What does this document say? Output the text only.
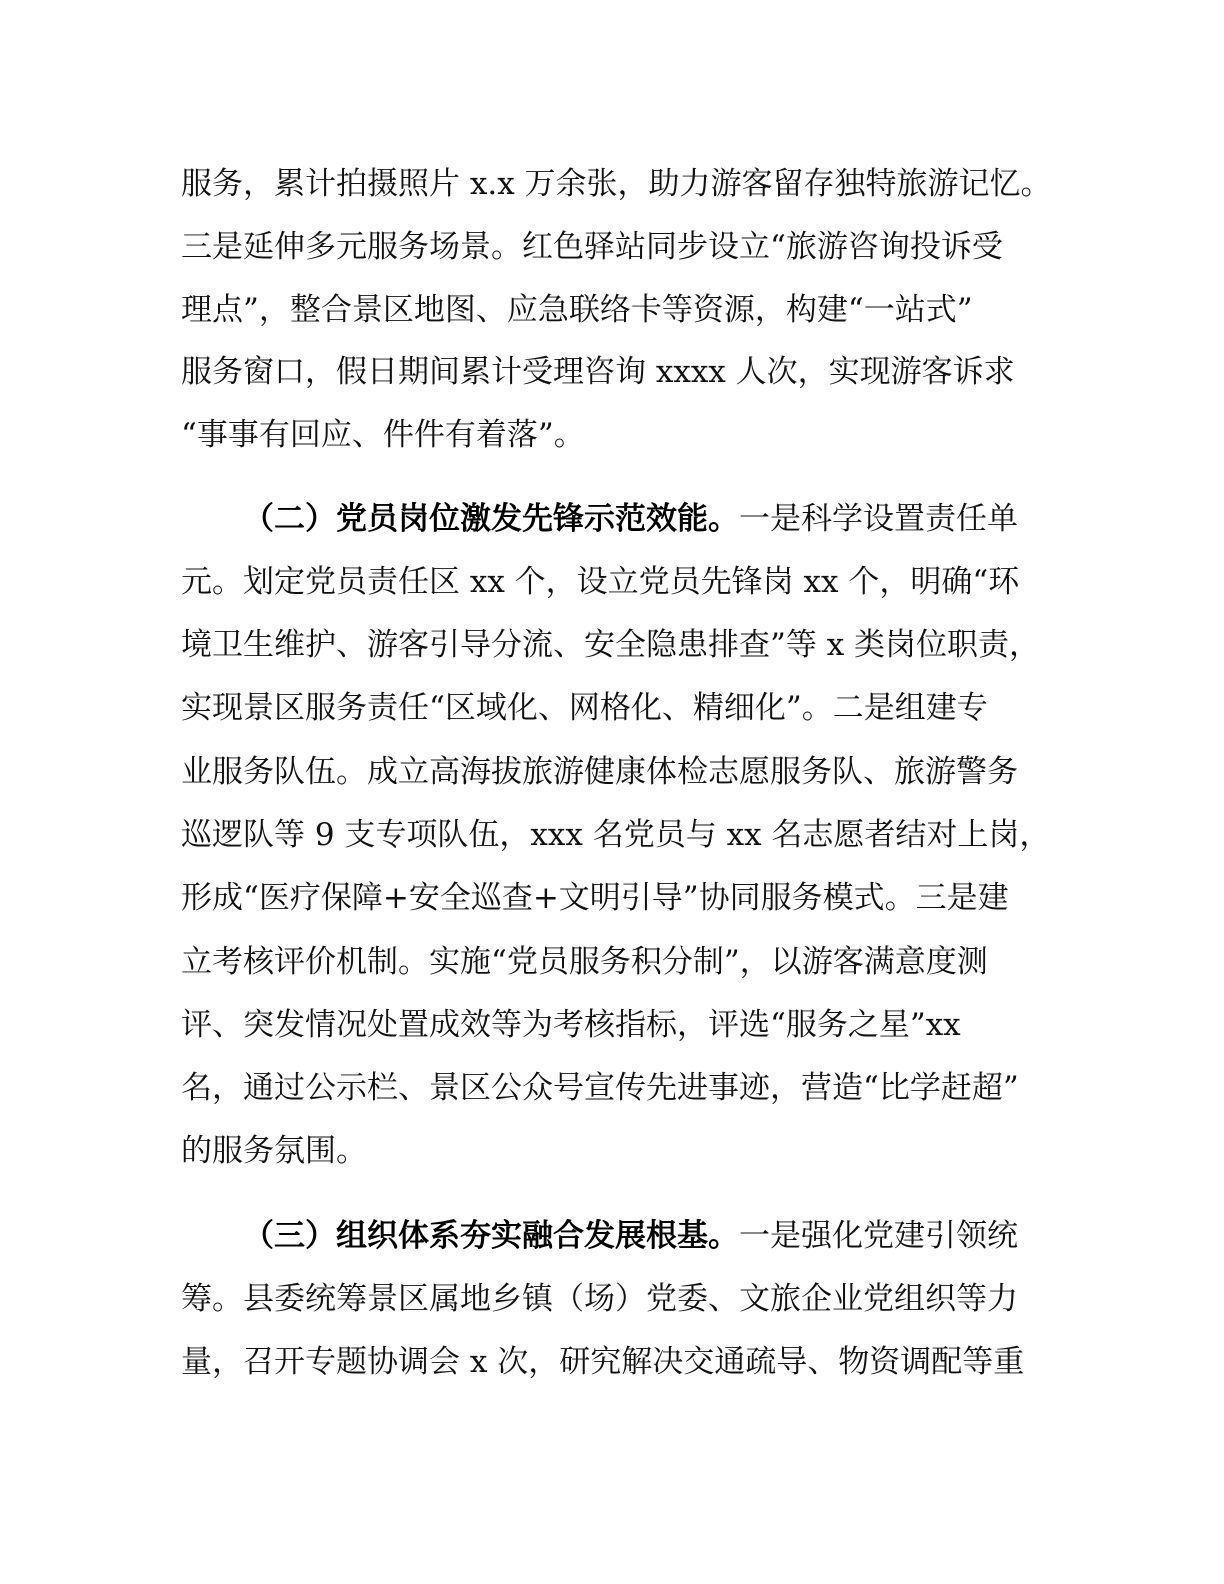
服务，累计拍摄照片 x.x 万余张，助力游客留存独特旅游记忆。
三是延伸多元服务场景。红色驿站同步设立“旅游咨询投诉受
理点”，整合景区地图、应急联络卡等资源，构建“一站式”
服务窗口，假日期间累计受理咨询 xxxx 人次，实现游客诉求
“事事有回应、件件有着落”。
（二）党员岗位激发先锋示范效能。一是科学设置责任单
元。划定党员责任区 xx 个，设立党员先锋岗 xx 个，明确“环
境卫生维护、游客引导分流、安全隐患排查”等 x 类岗位职责，
实现景区服务责任“区域化、网格化、精细化”。二是组建专
业服务队伍。成立高海拔旅游健康体检志愿服务队、旅游警务
巡逻队等 9 支专项队伍，xxx 名党员与 xx 名志愿者结对上岗，
形成“医疗保障+安全巡查+文明引导”协同服务模式。三是建
立考核评价机制。实施“党员服务积分制”，以游客满意度测
评、突发情况处置成效等为考核指标，评选“服务之星”xx
名，通过公示栏、景区公众号宣传先进事迹，营造“比学赶超”
的服务氛围。
（三）组织体系夯实融合发展根基。一是强化党建引领统
筹。县委统筹景区属地乡镇（场）党委、文旅企业党组织等力
量，召开专题协调会 x 次，研究解决交通疏导、物资调配等重
